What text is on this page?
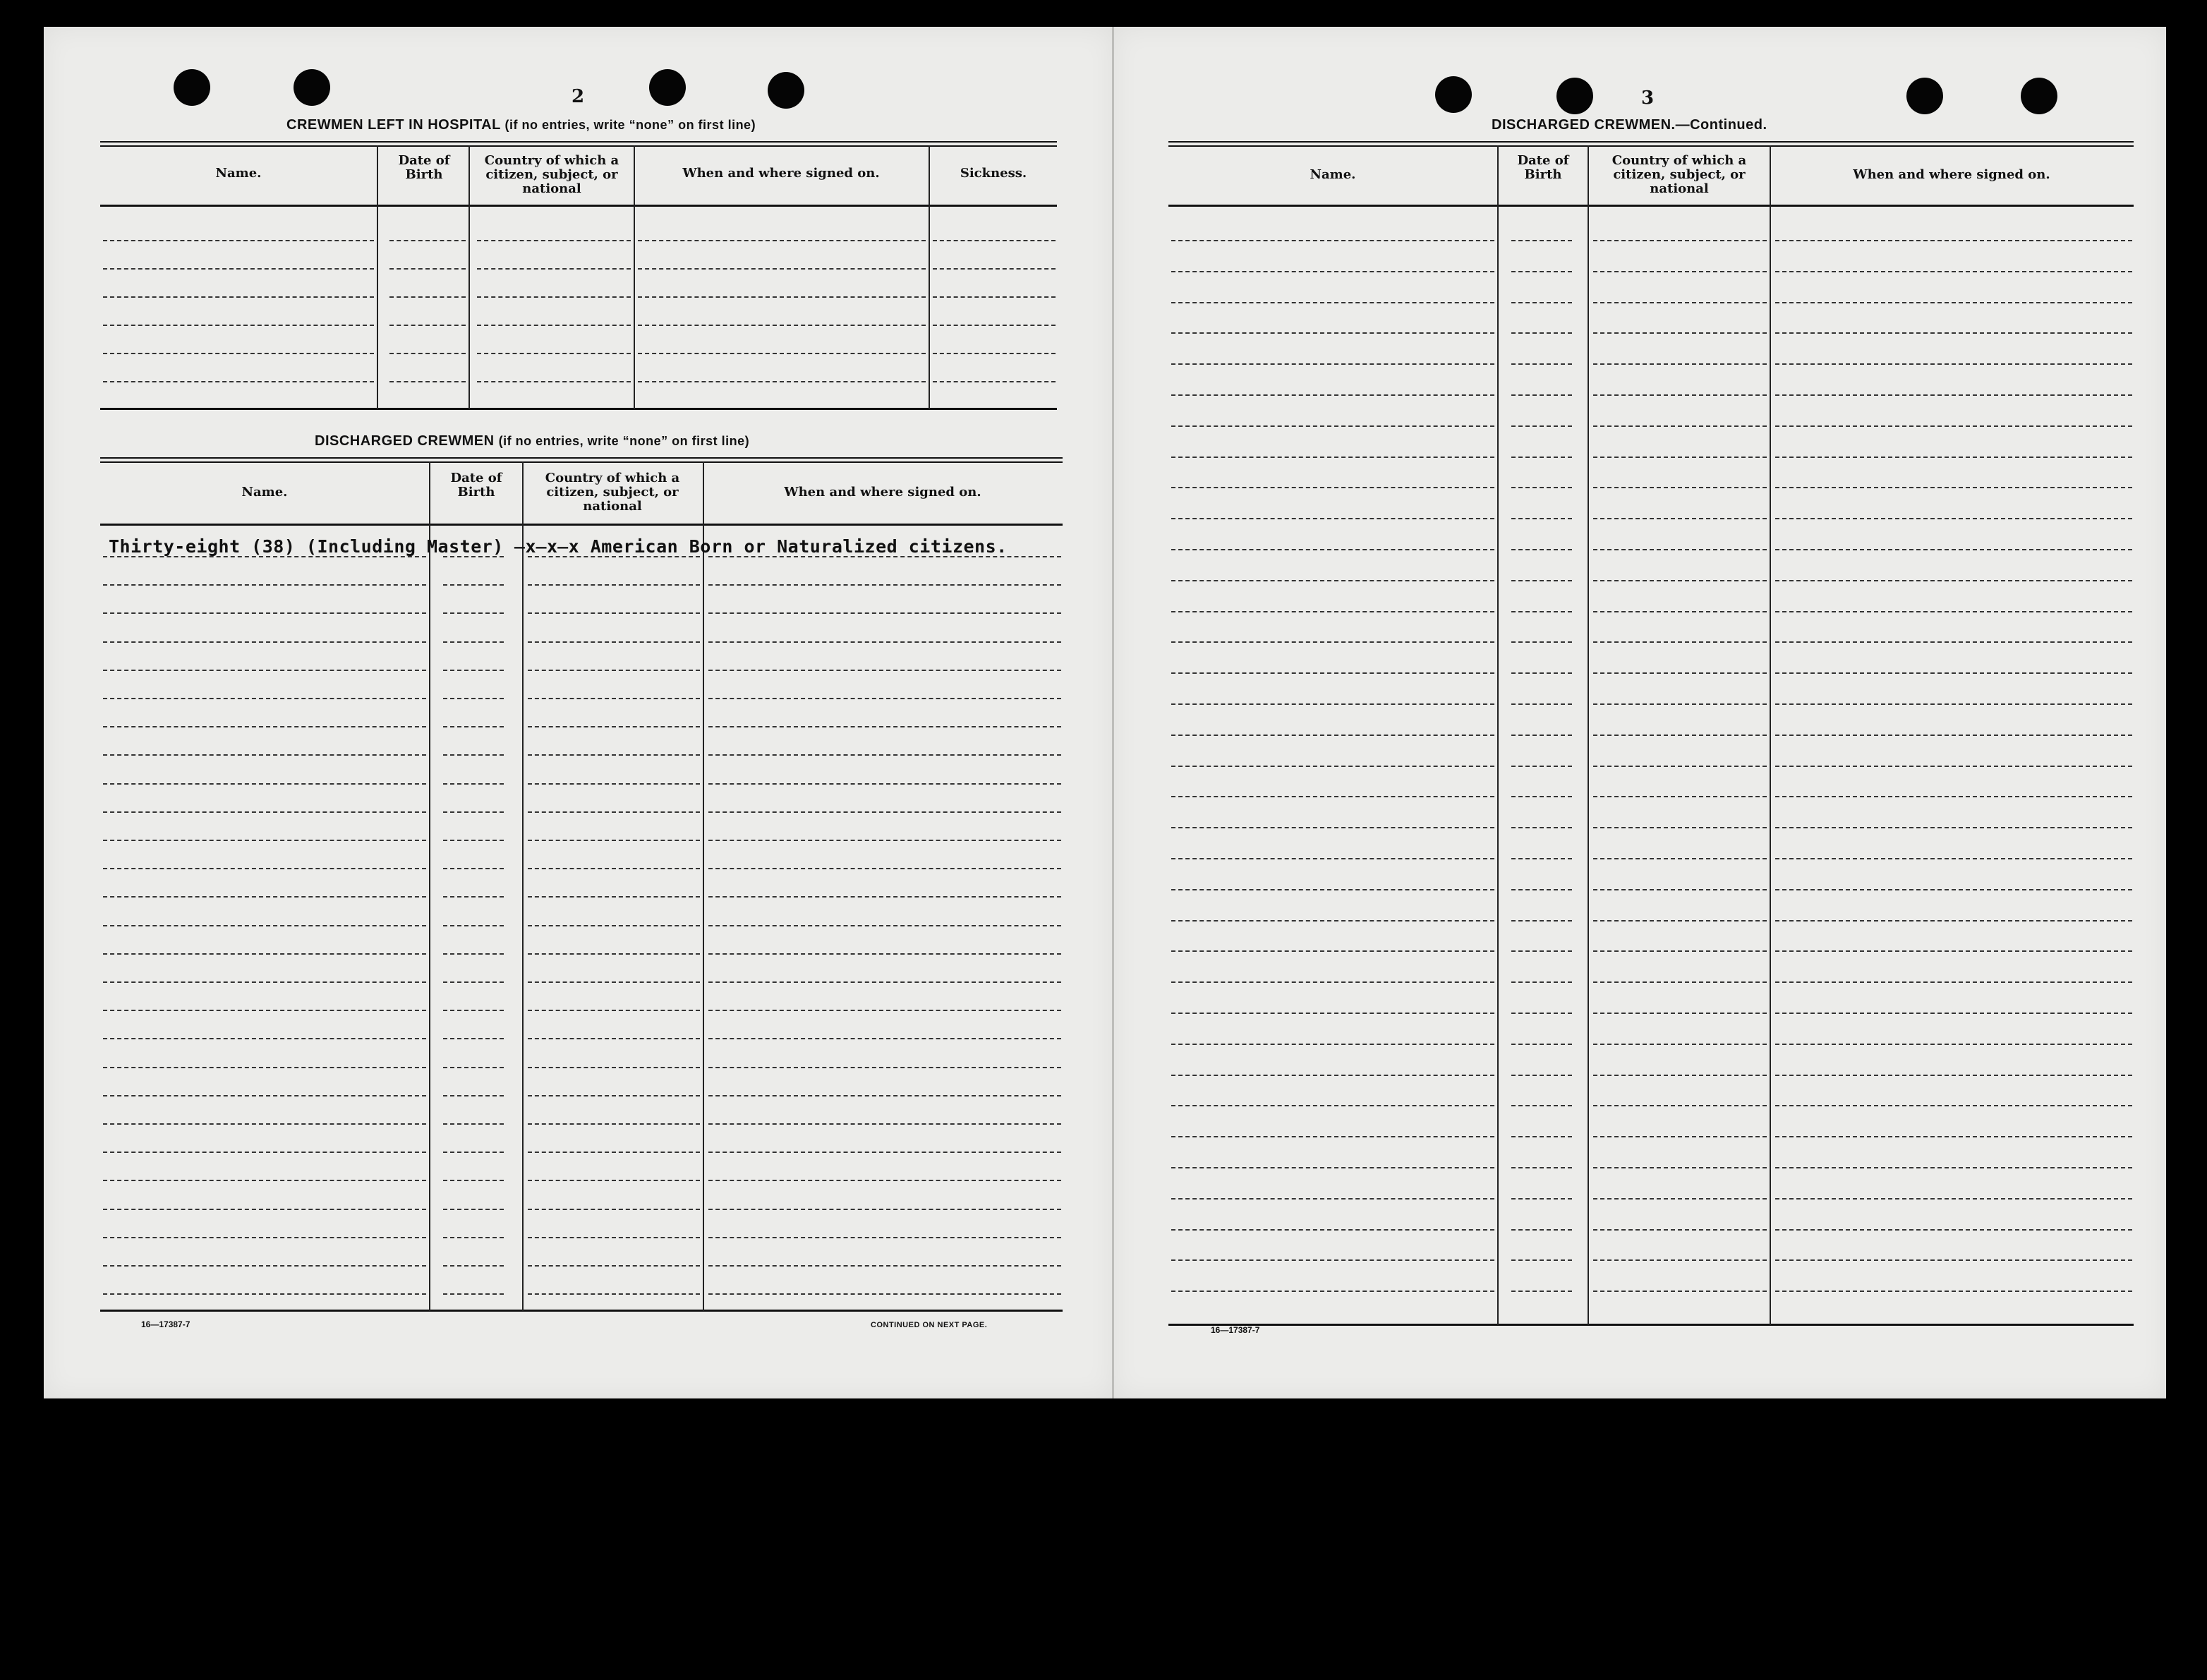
2
CREWMEN LEFT IN HOSPITAL (if no entries, write “none” on first line)
Name.
Date of Birth
Country of which a citizen, subject, or national
When and where signed on.	Sickness.
DISCHARGED CREWMEN (if no entries, write “none” on first line)
Name.
Date of Birth
Country of which a citizen, subject, or national
When and where signed on.
Thirty-eight (38) (Including Master) ̶x̶x̶x American Born or Naturalized citizens.
16—17387-7	CONTINUED ON NEXT PAGE.
3
DISCHARGED CREWMEN.—Continued.
Name.
Date of Birth
Country of which a citizen, subject, or national
When and where signed on.
16—17387-7
